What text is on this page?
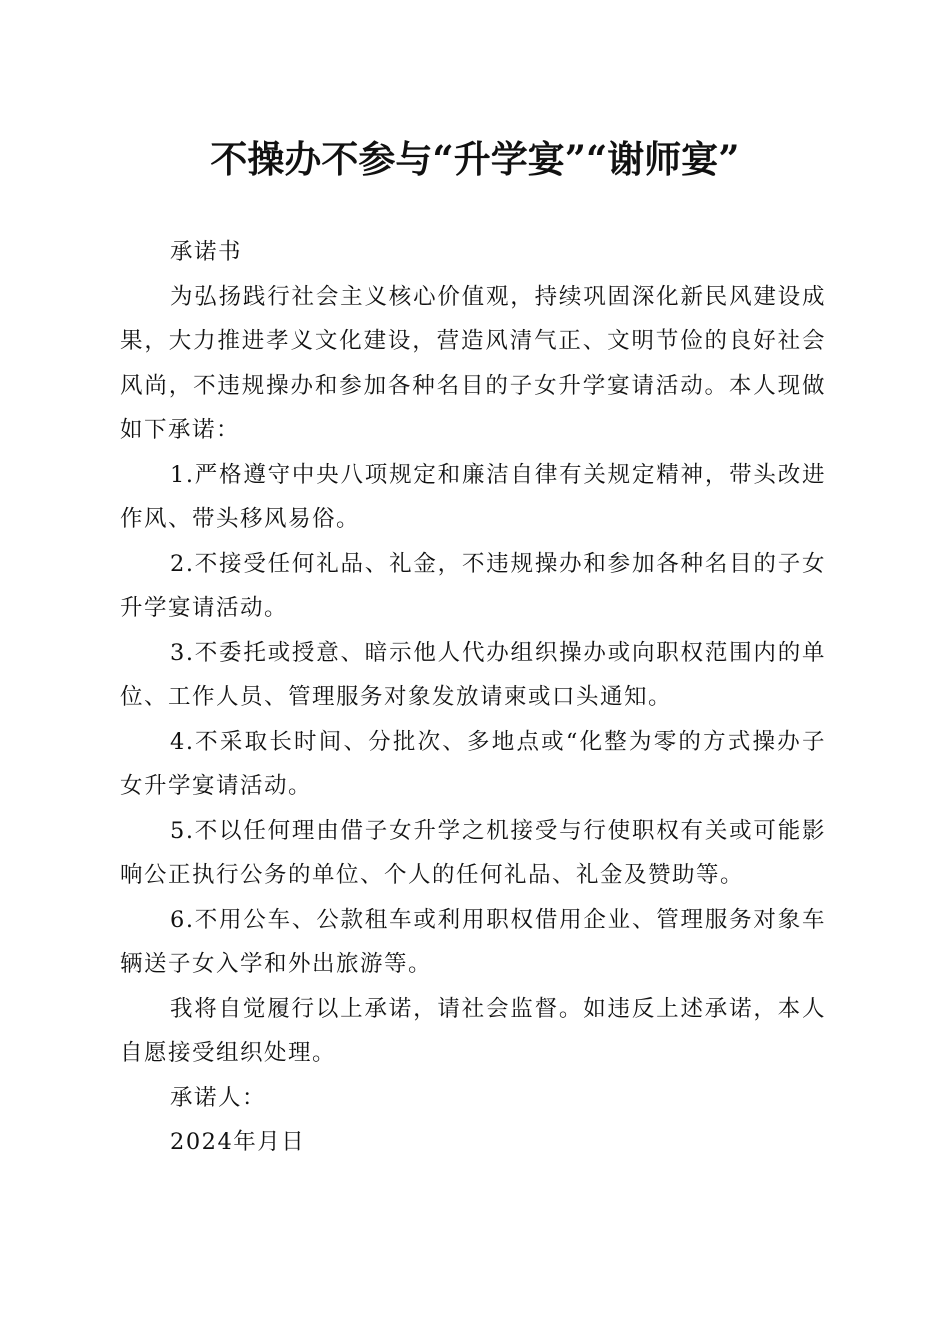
不操办不参与“升学宴”“谢师宴”

承诺书

为弘扬践行社会主义核心价值观，持续巩固深化新民风建设成果，大力推进孝义文化建设，营造风清气正、文明节俭的良好社会风尚，不违规操办和参加各种名目的子女升学宴请活动。本人现做如下承诺：

1.严格遵守中央八项规定和廉洁自律有关规定精神，带头改进作风、带头移风易俗。

2.不接受任何礼品、礼金，不违规操办和参加各种名目的子女升学宴请活动。

3.不委托或授意、暗示他人代办组织操办或向职权范围内的单位、工作人员、管理服务对象发放请柬或口头通知。

4.不采取长时间、分批次、多地点或“化整为零的方式操办子女升学宴请活动。

5.不以任何理由借子女升学之机接受与行使职权有关或可能影响公正执行公务的单位、个人的任何礼品、礼金及赞助等。

6.不用公车、公款租车或利用职权借用企业、管理服务对象车辆送子女入学和外出旅游等。

我将自觉履行以上承诺，请社会监督。如违反上述承诺，本人自愿接受组织处理。

承诺人：

2024年月日
